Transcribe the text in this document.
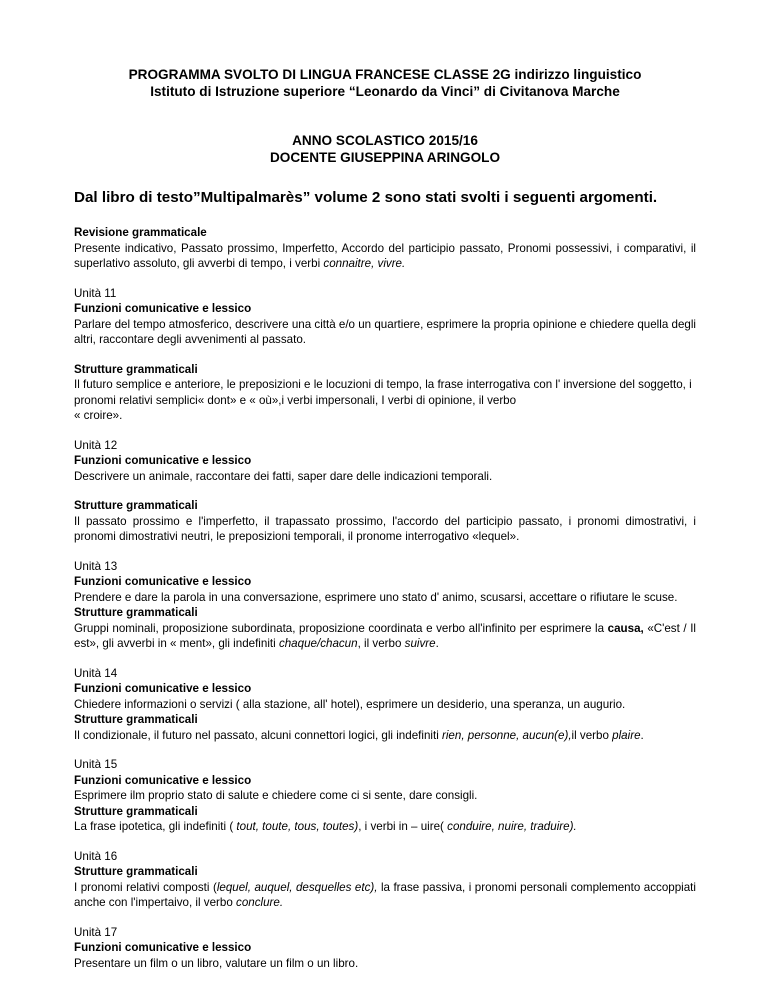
PROGRAMMA SVOLTO DI LINGUA FRANCESE CLASSE 2G indirizzo linguistico
Istituto di Istruzione superiore “Leonardo da Vinci” di Civitanova Marche
ANNO SCOLASTICO 2015/16
DOCENTE GIUSEPPINA ARINGOLO
Dal libro di testo”Multipalmarès” volume 2 sono stati svolti i seguenti argomenti.

Revisione grammaticale

Presente indicativo, Passato prossimo, Imperfetto, Accordo del participio passato, Pronomi possessivi, i comparativi, il superlativo assoluto, gli avverbi di tempo, i verbi connaitre, vivre.

Unità 11

Funzioni comunicative e lessico

Parlare del tempo atmosferico, descrivere una città e/o un quartiere, esprimere la propria opinione e chiedere quella degli altri, raccontare degli avvenimenti al passato.

Strutture grammaticali

Il futuro semplice e anteriore, le preposizioni e le locuzioni di tempo, la frase interrogativa con l' inversione del soggetto, i pronomi relativi semplici« dont» e « où»,i verbi impersonali, I verbi di opinione, il verbo

« croire».

Unità 12

Funzioni comunicative e lessico

Descrivere un animale, raccontare dei fatti, saper dare delle indicazioni temporali.

Strutture grammaticali

Il passato prossimo e l'imperfetto, il trapassato prossimo, l'accordo del participio passato, i pronomi dimostrativi, i pronomi dimostrativi neutri, le preposizioni temporali, il pronome interrogativo «lequel».

Unità 13

Funzioni comunicative e lessico

Prendere e dare la parola in una conversazione, esprimere uno stato d' animo, scusarsi, accettare o rifiutare le scuse.

Strutture grammaticali

Gruppi nominali, proposizione subordinata, proposizione coordinata e verbo all'infinito per esprimere la causa, «C'est / Il est», gli avverbi in « ment», gli indefiniti chaque/chacun, il verbo suivre.

Unità 14

Funzioni comunicative e lessico

Chiedere informazioni o servizi ( alla stazione, all' hotel), esprimere un desiderio, una speranza, un augurio.

Strutture grammaticali

Il condizionale, il futuro nel passato, alcuni connettori logici, gli indefiniti rien, personne, aucun(e),il verbo plaire.

Unità 15

Funzioni comunicative e lessico

Esprimere ilm proprio stato di salute e chiedere come ci si sente, dare consigli.

Strutture grammaticali

La frase ipotetica, gli indefiniti ( tout, toute, tous, toutes), i verbi in – uire( conduire, nuire, traduire).

Unità 16

Strutture grammaticali

I pronomi relativi composti (lequel, auquel, desquelles etc), la frase passiva, i pronomi personali complemento accoppiati anche con l'impertaivo, il verbo conclure.

Unità 17

Funzioni comunicative e lessico

Presentare un film o un libro, valutare un film o un libro.
